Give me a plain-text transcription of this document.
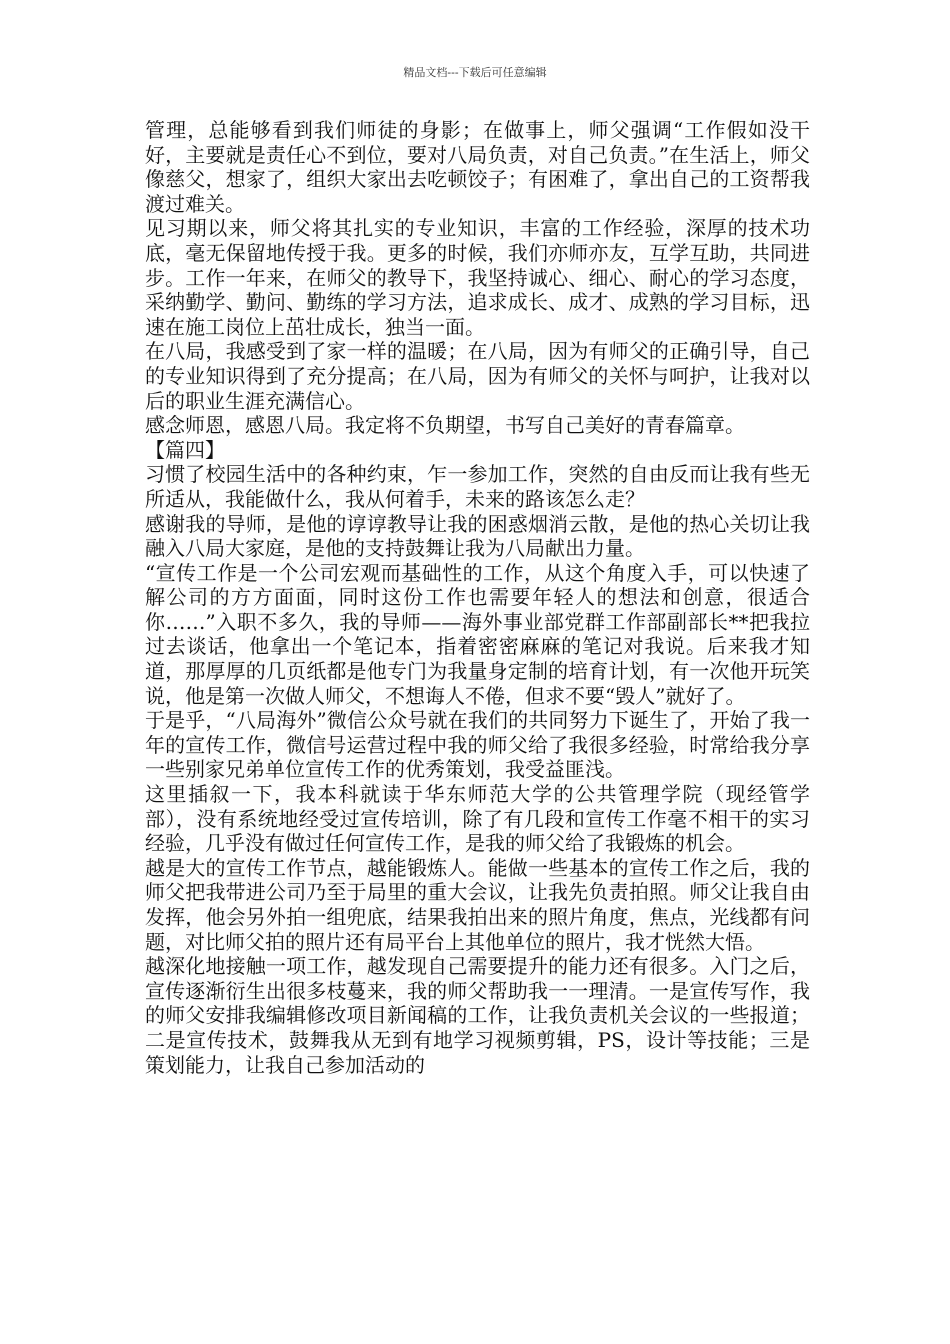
精品文档---下载后可任意编辑

管理，总能够看到我们师徒的身影；在做事上，师父强调“工作假如没干好，主要就是责任心不到位，要对八局负责，对自己负责。”在生活上，师父像慈父，想家了，组织大家出去吃顿饺子；有困难了，拿出自己的工资帮我渡过难关。

见习期以来，师父将其扎实的专业知识，丰富的工作经验，深厚的技术功底，毫无保留地传授于我。更多的时候，我们亦师亦友，互学互助，共同进步。工作一年来，在师父的教导下，我坚持诚心、细心、耐心的学习态度，采纳勤学、勤问、勤练的学习方法，追求成长、成才、成熟的学习目标，迅速在施工岗位上茁壮成长，独当一面。

在八局，我感受到了家一样的温暖；在八局，因为有师父的正确引导，自己的专业知识得到了充分提高；在八局，因为有师父的关怀与呵护，让我对以后的职业生涯充满信心。

感念师恩，感恩八局。我定将不负期望，书写自己美好的青春篇章。

【篇四】

习惯了校园生活中的各种约束，乍一参加工作，突然的自由反而让我有些无所适从，我能做什么，我从何着手，未来的路该怎么走？

感谢我的导师，是他的谆谆教导让我的困惑烟消云散，是他的热心关切让我融入八局大家庭，是他的支持鼓舞让我为八局献出力量。

“宣传工作是一个公司宏观而基础性的工作，从这个角度入手，可以快速了解公司的方方面面，同时这份工作也需要年轻人的想法和创意，很适合你……”入职不多久，我的导师——海外事业部党群工作部副部长**把我拉过去谈话，他拿出一个笔记本，指着密密麻麻的笔记对我说。后来我才知道，那厚厚的几页纸都是他专门为我量身定制的培育计划，有一次他开玩笑说，他是第一次做人师父，不想诲人不倦，但求不要“毁人”就好了。

于是乎，“八局海外”微信公众号就在我们的共同努力下诞生了，开始了我一年的宣传工作，微信号运营过程中我的师父给了我很多经验，时常给我分享一些别家兄弟单位宣传工作的优秀策划，我受益匪浅。

这里插叙一下，我本科就读于华东师范大学的公共管理学院（现经管学部），没有系统地经受过宣传培训，除了有几段和宣传工作毫不相干的实习经验，几乎没有做过任何宣传工作，是我的师父给了我锻炼的机会。

越是大的宣传工作节点，越能锻炼人。能做一些基本的宣传工作之后，我的师父把我带进公司乃至于局里的重大会议，让我先负责拍照。师父让我自由发挥，他会另外拍一组兜底，结果我拍出来的照片角度，焦点，光线都有问题，对比师父拍的照片还有局平台上其他单位的照片，我才恍然大悟。

越深化地接触一项工作，越发现自己需要提升的能力还有很多。入门之后，宣传逐渐衍生出很多枝蔓来，我的师父帮助我一一理清。一是宣传写作，我的师父安排我编辑修改项目新闻稿的工作，让我负责机关会议的一些报道；二是宣传技术，鼓舞我从无到有地学习视频剪辑，PS，设计等技能；三是策划能力，让我自己参加活动的
